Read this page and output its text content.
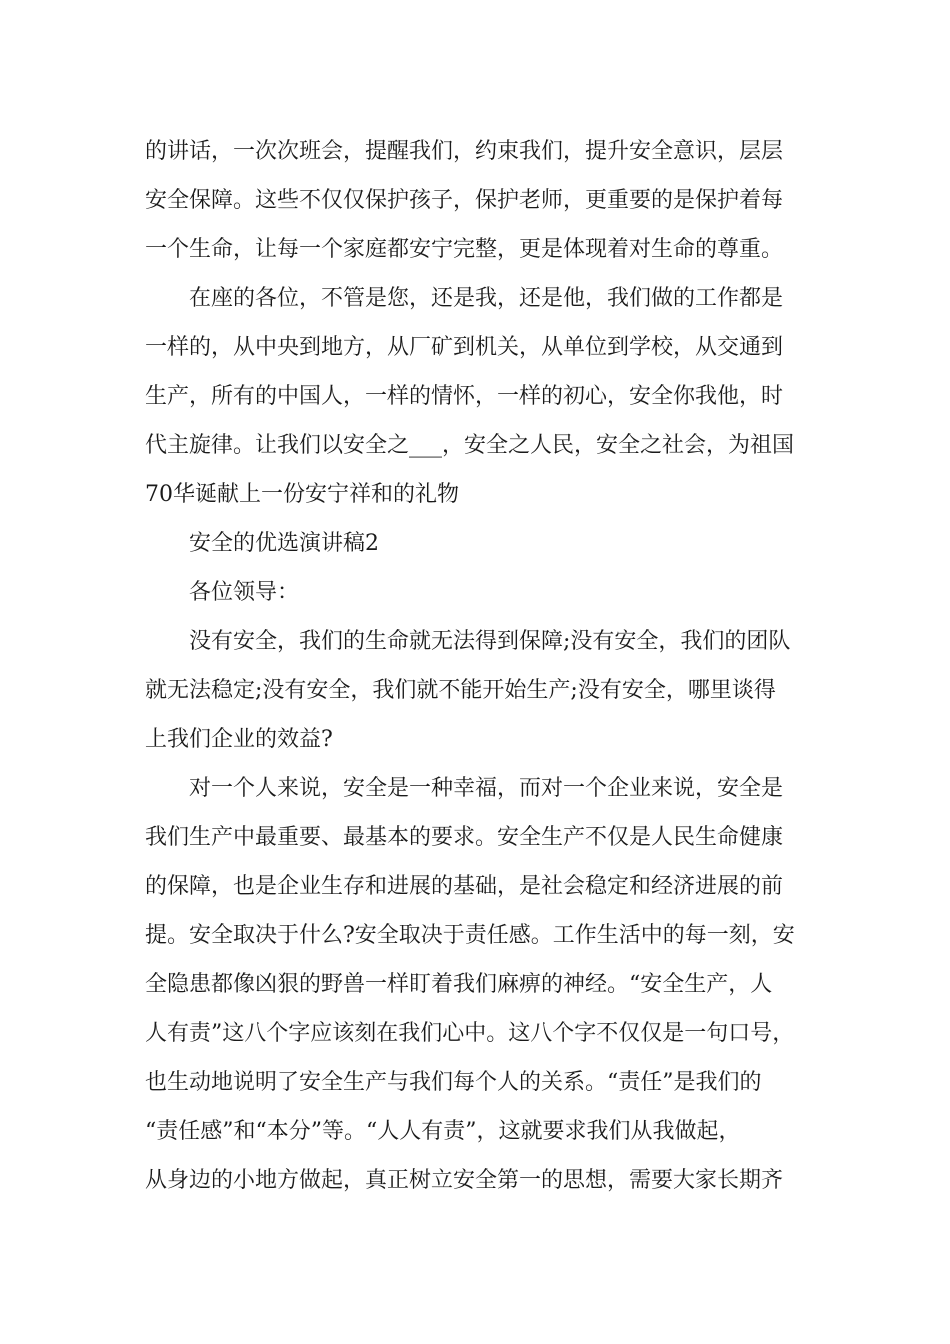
的讲话，一次次班会，提醒我们，约束我们，提升安全意识，层层
安全保障。这些不仅仅保护孩子，保护老师，更重要的是保护着每
一个生命，让每一个家庭都安宁完整，更是体现着对生命的尊重。
在座的各位，不管是您，还是我，还是他，我们做的工作都是
一样的，从中央到地方，从厂矿到机关，从单位到学校，从交通到
生产，所有的中国人，一样的情怀，一样的初心，安全你我他，时
代主旋律。让我们以安全之___，安全之人民，安全之社会，为祖国
70华诞献上一份安宁祥和的礼物
安全的优选演讲稿2
各位领导：
没有安全，我们的生命就无法得到保障;没有安全，我们的团队
就无法稳定;没有安全，我们就不能开始生产;没有安全，哪里谈得
上我们企业的效益?
对一个人来说，安全是一种幸福，而对一个企业来说，安全是
我们生产中最重要、最基本的要求。安全生产不仅是人民生命健康
的保障，也是企业生存和进展的基础，是社会稳定和经济进展的前
提。安全取决于什么?安全取决于责任感。工作生活中的每一刻，安
全隐患都像凶狠的野兽一样盯着我们麻痹的神经。“安全生产，人
人有责”这八个字应该刻在我们心中。这八个字不仅仅是一句口号，
也生动地说明了安全生产与我们每个人的关系。“责任”是我们的
“责任感”和“本分”等。“人人有责”，这就要求我们从我做起，
从身边的小地方做起，真正树立安全第一的思想，需要大家长期齐
